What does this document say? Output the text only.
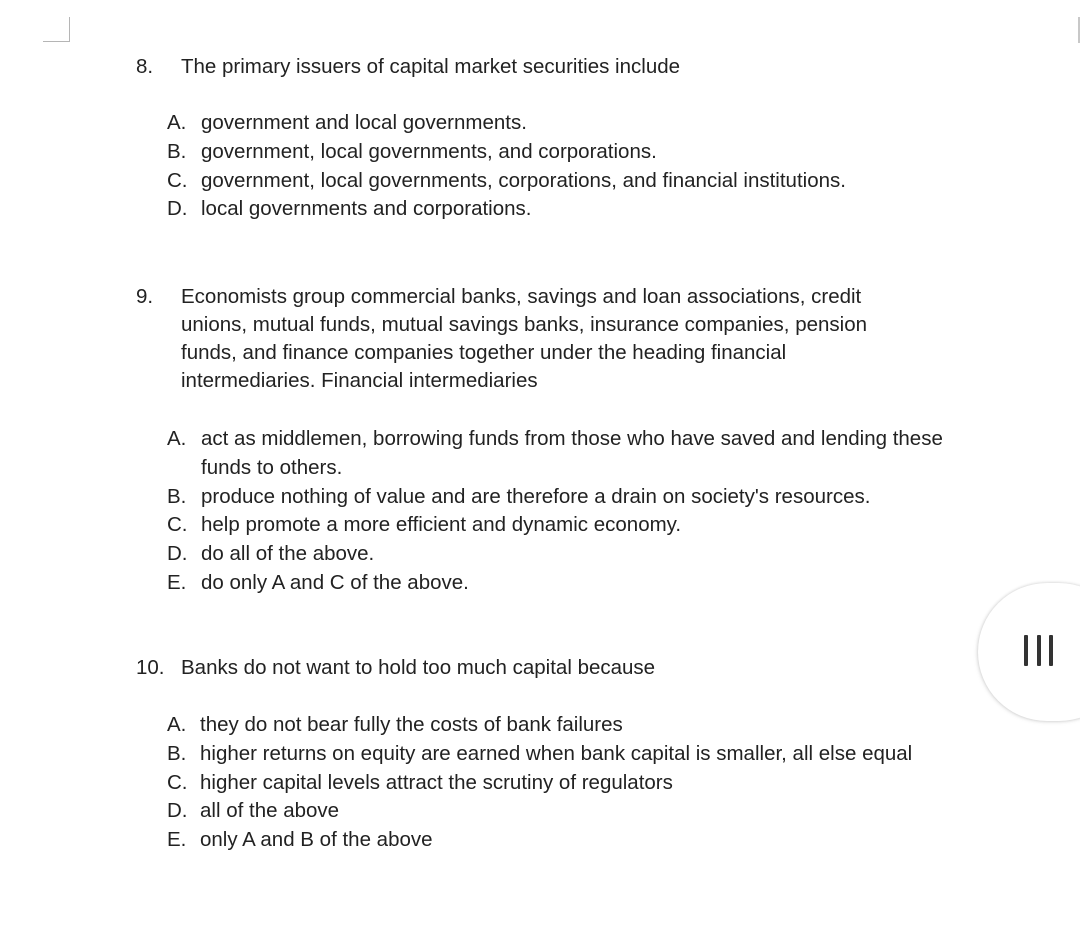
8. The primary issuers of capital market securities include
A. government and local governments.
B. government, local governments, and corporations.
C. government, local governments, corporations, and financial institutions.
D. local governments and corporations.
9. Economists group commercial banks, savings and loan associations, credit unions, mutual funds, mutual savings banks, insurance companies, pension funds, and finance companies together under the heading financial intermediaries. Financial intermediaries
A. act as middlemen, borrowing funds from those who have saved and lending these funds to others.
B. produce nothing of value and are therefore a drain on society's resources.
C. help promote a more efficient and dynamic economy.
D. do all of the above.
E. do only A and C of the above.
10. Banks do not want to hold too much capital because
A. they do not bear fully the costs of bank failures
B. higher returns on equity are earned when bank capital is smaller, all else equal
C. higher capital levels attract the scrutiny of regulators
D. all of the above
E. only A and B of the above
